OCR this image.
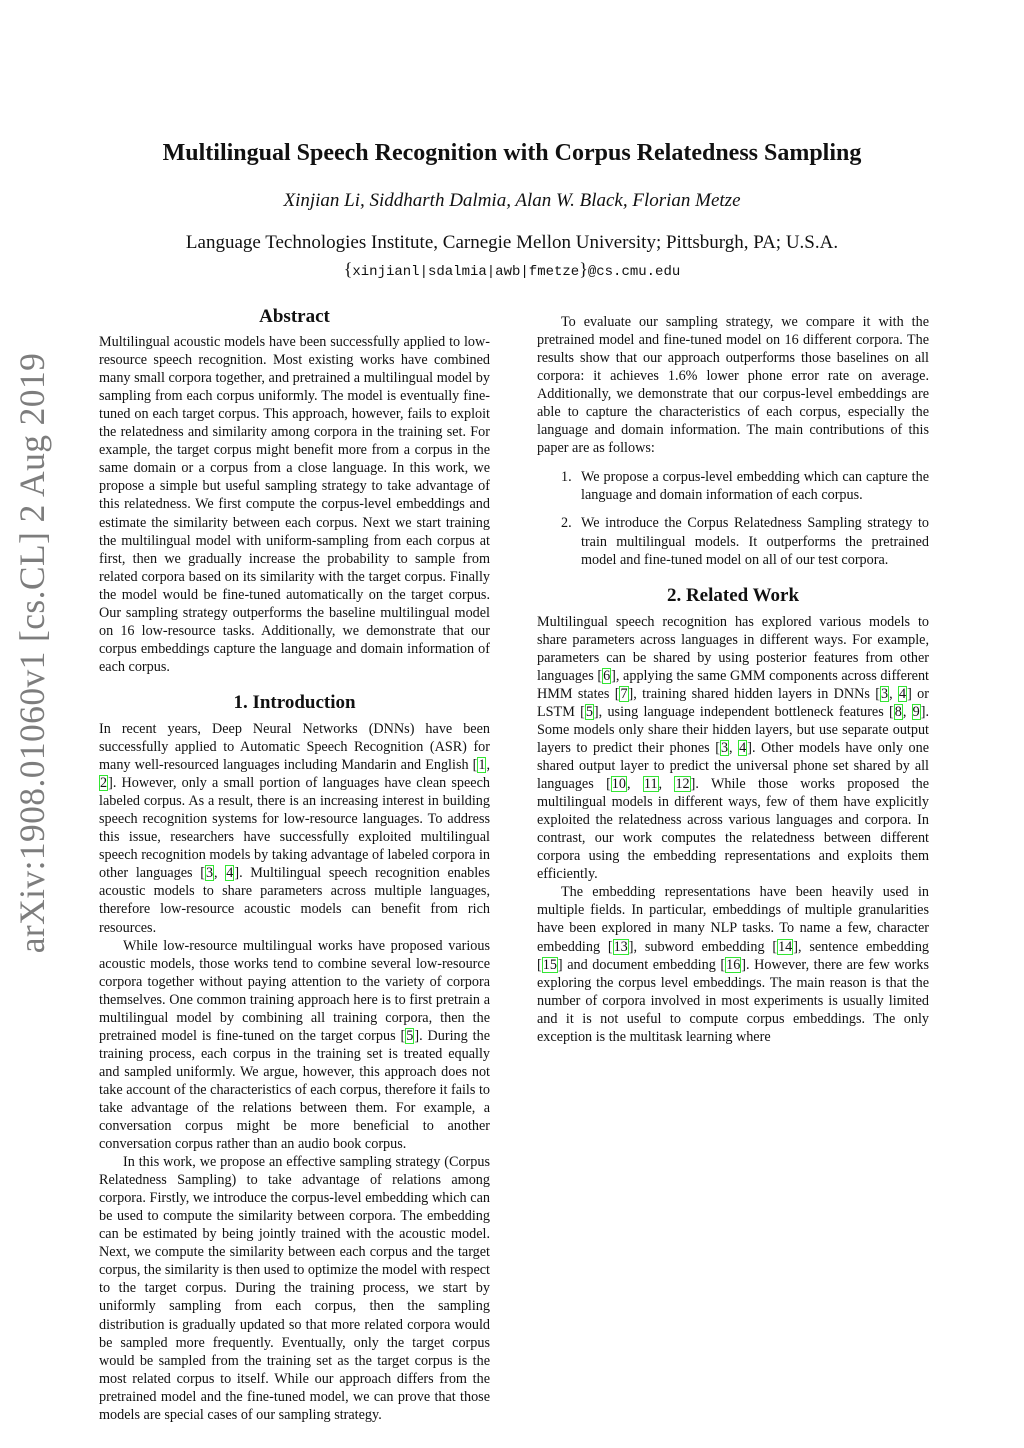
arXiv:1908.01060v1 [cs.CL] 2 Aug 2019
Multilingual Speech Recognition with Corpus Relatedness Sampling
Xinjian Li, Siddharth Dalmia, Alan W. Black, Florian Metze
Language Technologies Institute, Carnegie Mellon University; Pittsburgh, PA; U.S.A.
{xinjianl|sdalmia|awb|fmetze}@cs.cmu.edu
Abstract

Multilingual acoustic models have been successfully applied to low-resource speech recognition. Most existing works have combined many small corpora together, and pretrained a multilingual model by sampling from each corpus uniformly. The model is eventually fine-tuned on each target corpus. This approach, however, fails to exploit the relatedness and similarity among corpora in the training set. For example, the target corpus might benefit more from a corpus in the same domain or a corpus from a close language. In this work, we propose a simple but useful sampling strategy to take advantage of this relatedness. We first compute the corpus-level embeddings and estimate the similarity between each corpus. Next we start training the multilingual model with uniform-sampling from each corpus at first, then we gradually increase the probability to sample from related corpora based on its similarity with the target corpus. Finally the model would be fine-tuned automatically on the target corpus. Our sampling strategy outperforms the baseline multilingual model on 16 low-resource tasks. Additionally, we demonstrate that our corpus embeddings capture the language and domain information of each corpus.

1. Introduction

In recent years, Deep Neural Networks (DNNs) have been successfully applied to Automatic Speech Recognition (ASR) for many well-resourced languages including Mandarin and English [1, 2]. However, only a small portion of languages have clean speech labeled corpus. As a result, there is an increasing interest in building speech recognition systems for low-resource languages. To address this issue, researchers have successfully exploited multilingual speech recognition models by taking advantage of labeled corpora in other languages [3, 4]. Multilingual speech recognition enables acoustic models to share parameters across multiple languages, therefore low-resource acoustic models can benefit from rich resources.

While low-resource multilingual works have proposed various acoustic models, those works tend to combine several low-resource corpora together without paying attention to the variety of corpora themselves. One common training approach here is to first pretrain a multilingual model by combining all training corpora, then the pretrained model is fine-tuned on the target corpus [5]. During the training process, each corpus in the training set is treated equally and sampled uniformly. We argue, however, this approach does not take account of the characteristics of each corpus, therefore it fails to take advantage of the relations between them. For example, a conversation corpus might be more beneficial to another conversation corpus rather than an audio book corpus.

In this work, we propose an effective sampling strategy (Corpus Relatedness Sampling) to take advantage of relations among corpora. Firstly, we introduce the corpus-level embedding which can be used to compute the similarity between corpora. The embedding can be estimated by being jointly trained with the acoustic model. Next, we compute the similarity between each corpus and the target corpus, the similarity is then used to optimize the model with respect to the target corpus. During the training process, we start by uniformly sampling from each corpus, then the sampling distribution is gradually updated so that more related corpora would be sampled more frequently. Eventually, only the target corpus would be sampled from the training set as the target corpus is the most related corpus to itself. While our approach differs from the pretrained model and the fine-tuned model, we can prove that those models are special cases of our sampling strategy.

To evaluate our sampling strategy, we compare it with the pretrained model and fine-tuned model on 16 different corpora. The results show that our approach outperforms those baselines on all corpora: it achieves 1.6% lower phone error rate on average. Additionally, we demonstrate that our corpus-level embeddings are able to capture the characteristics of each corpus, especially the language and domain information. The main contributions of this paper are as follows:

1. We propose a corpus-level embedding which can capture the language and domain information of each corpus.
2. We introduce the Corpus Relatedness Sampling strategy to train multilingual models. It outperforms the pretrained model and fine-tuned model on all of our test corpora.
2. Related Work

Multilingual speech recognition has explored various models to share parameters across languages in different ways. For example, parameters can be shared by using posterior features from other languages [6], applying the same GMM components across different HMM states [7], training shared hidden layers in DNNs [3, 4] or LSTM [5], using language independent bottleneck features [8, 9]. Some models only share their hidden layers, but use separate output layers to predict their phones [3, 4]. Other models have only one shared output layer to predict the universal phone set shared by all languages [10, 11, 12]. While those works proposed the multilingual models in different ways, few of them have explicitly exploited the relatedness across various languages and corpora. In contrast, our work computes the relatedness between different corpora using the embedding representations and exploits them efficiently.

The embedding representations have been heavily used in multiple fields. In particular, embeddings of multiple granularities have been explored in many NLP tasks. To name a few, character embedding [13], subword embedding [14], sentence embedding [15] and document embedding [16]. However, there are few works exploring the corpus level embeddings. The main reason is that the number of corpora involved in most experiments is usually limited and it is not useful to compute corpus embeddings. The only exception is the multitask learning where
